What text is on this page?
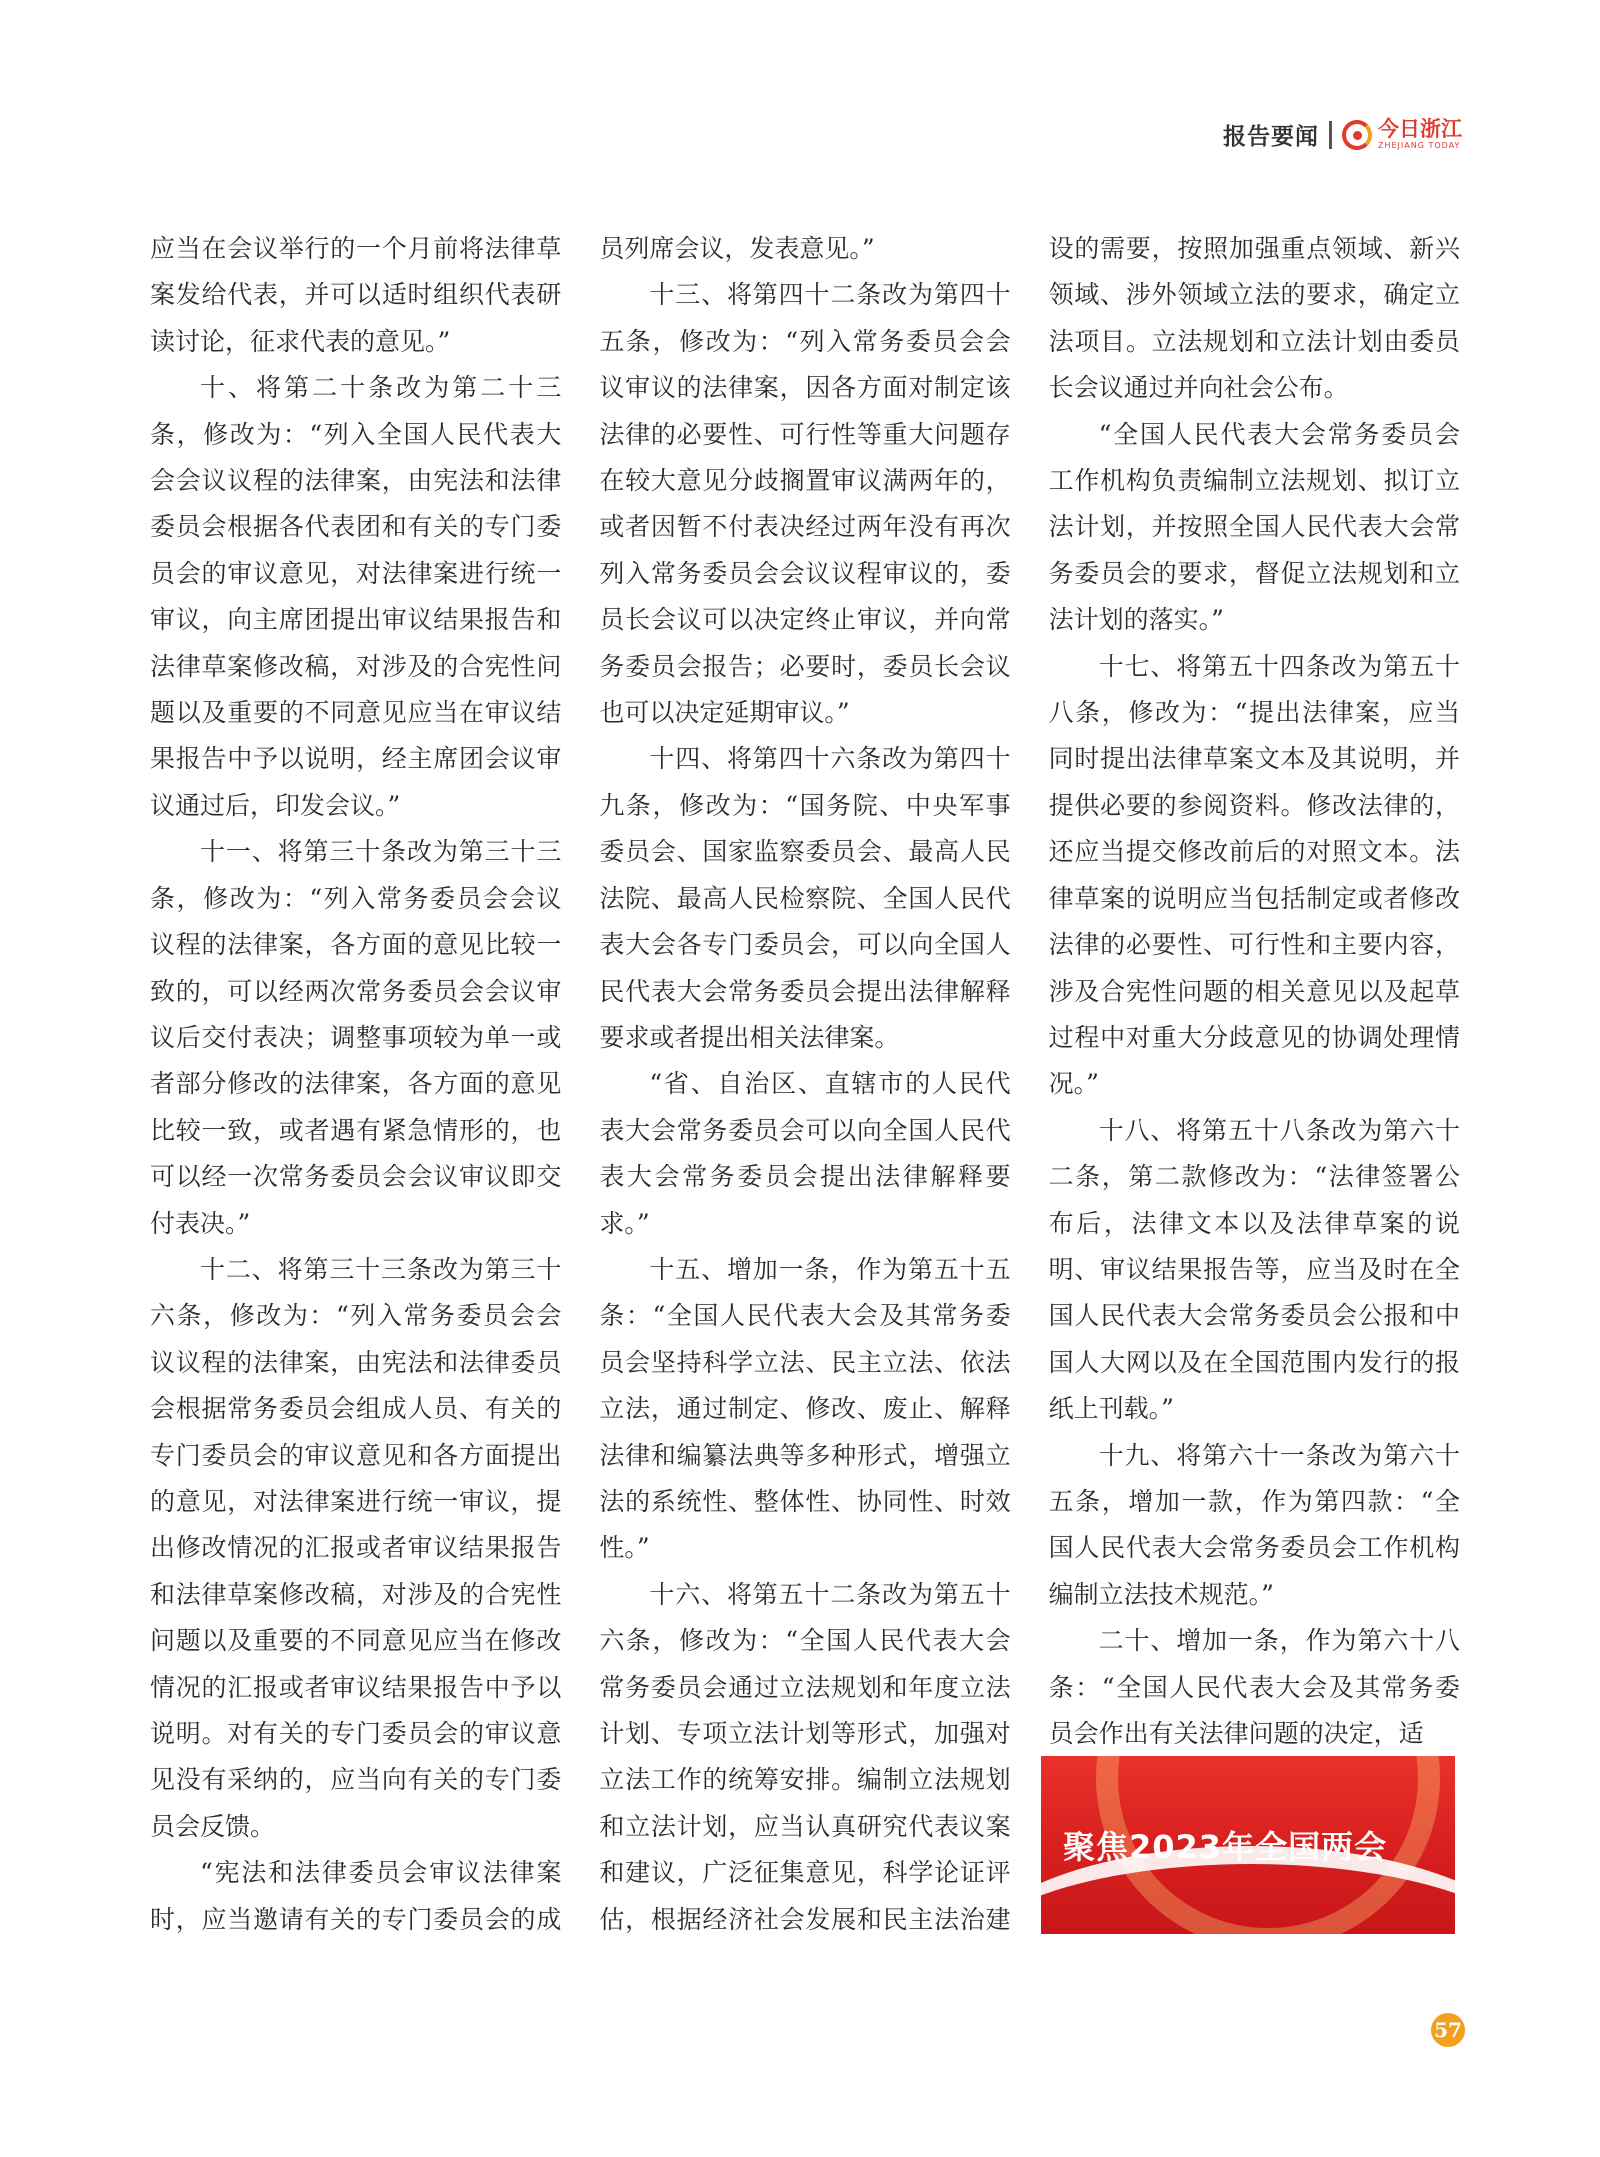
报告要闻	今日浙江
ZHEJIANG TODAY

应当在会议举行的一个月前将法律草案发给代表，并可以适时组织代表研读讨论，征求代表的意见。”

十、将第二十条改为第二十三条，修改为：“列入全国人民代表大会会议议程的法律案，由宪法和法律委员会根据各代表团和有关的专门委员会的审议意见，对法律案进行统一审议，向主席团提出审议结果报告和法律草案修改稿，对涉及的合宪性问题以及重要的不同意见应当在审议结果报告中予以说明，经主席团会议审议通过后，印发会议。”

十一、将第三十条改为第三十三条，修改为：“列入常务委员会会议议程的法律案，各方面的意见比较一致的，可以经两次常务委员会会议审议后交付表决；调整事项较为单一或者部分修改的法律案，各方面的意见比较一致，或者遇有紧急情形的，也可以经一次常务委员会会议审议即交付表决。”

十二、将第三十三条改为第三十六条，修改为：“列入常务委员会会议议程的法律案，由宪法和法律委员会根据常务委员会组成人员、有关的专门委员会的审议意见和各方面提出的意见，对法律案进行统一审议，提出修改情况的汇报或者审议结果报告和法律草案修改稿，对涉及的合宪性问题以及重要的不同意见应当在修改情况的汇报或者审议结果报告中予以说明。对有关的专门委员会的审议意见没有采纳的，应当向有关的专门委员会反馈。

“宪法和法律委员会审议法律案时，应当邀请有关的专门委员会的成员列席会议，发表意见。”

十三、将第四十二条改为第四十五条，修改为：“列入常务委员会会议审议的法律案，因各方面对制定该法律的必要性、可行性等重大问题存在较大意见分歧搁置审议满两年的，或者因暂不付表决经过两年没有再次列入常务委员会会议议程审议的，委员长会议可以决定终止审议，并向常务委员会报告；必要时，委员长会议也可以决定延期审议。”

十四、将第四十六条改为第四十九条，修改为：“国务院、中央军事委员会、国家监察委员会、最高人民法院、最高人民检察院、全国人民代表大会各专门委员会，可以向全国人民代表大会常务委员会提出法律解释要求或者提出相关法律案。

“省、自治区、直辖市的人民代表大会常务委员会可以向全国人民代表大会常务委员会提出法律解释要求。”

十五、增加一条，作为第五十五条：“全国人民代表大会及其常务委员会坚持科学立法、民主立法、依法立法，通过制定、修改、废止、解释法律和编纂法典等多种形式，增强立法的系统性、整体性、协同性、时效性。”

十六、将第五十二条改为第五十六条，修改为：“全国人民代表大会常务委员会通过立法规划和年度立法计划、专项立法计划等形式，加强对立法工作的统筹安排。编制立法规划和立法计划，应当认真研究代表议案和建议，广泛征集意见，科学论证评估，根据经济社会发展和民主法治建设的需要，按照加强重点领域、新兴领域、涉外领域立法的要求，确定立法项目。立法规划和立法计划由委员长会议通过并向社会公布。

“全国人民代表大会常务委员会工作机构负责编制立法规划、拟订立法计划，并按照全国人民代表大会常务委员会的要求，督促立法规划和立法计划的落实。”

十七、将第五十四条改为第五十八条，修改为：“提出法律案，应当同时提出法律草案文本及其说明，并提供必要的参阅资料。修改法律的，还应当提交修改前后的对照文本。法律草案的说明应当包括制定或者修改法律的必要性、可行性和主要内容，涉及合宪性问题的相关意见以及起草过程中对重大分歧意见的协调处理情况。”

十八、将第五十八条改为第六十二条，第二款修改为：“法律签署公布后，法律文本以及法律草案的说明、审议结果报告等，应当及时在全国人民代表大会常务委员会公报和中国人大网以及在全国范围内发行的报纸上刊载。”

十九、将第六十一条改为第六十五条，增加一款，作为第四款：“全国人民代表大会常务委员会工作机构编制立法技术规范。”

二十、增加一条，作为第六十八条：“全国人民代表大会及其常务委员会作出有关法律问题的决定，适

聚焦2023年全国两会
57
